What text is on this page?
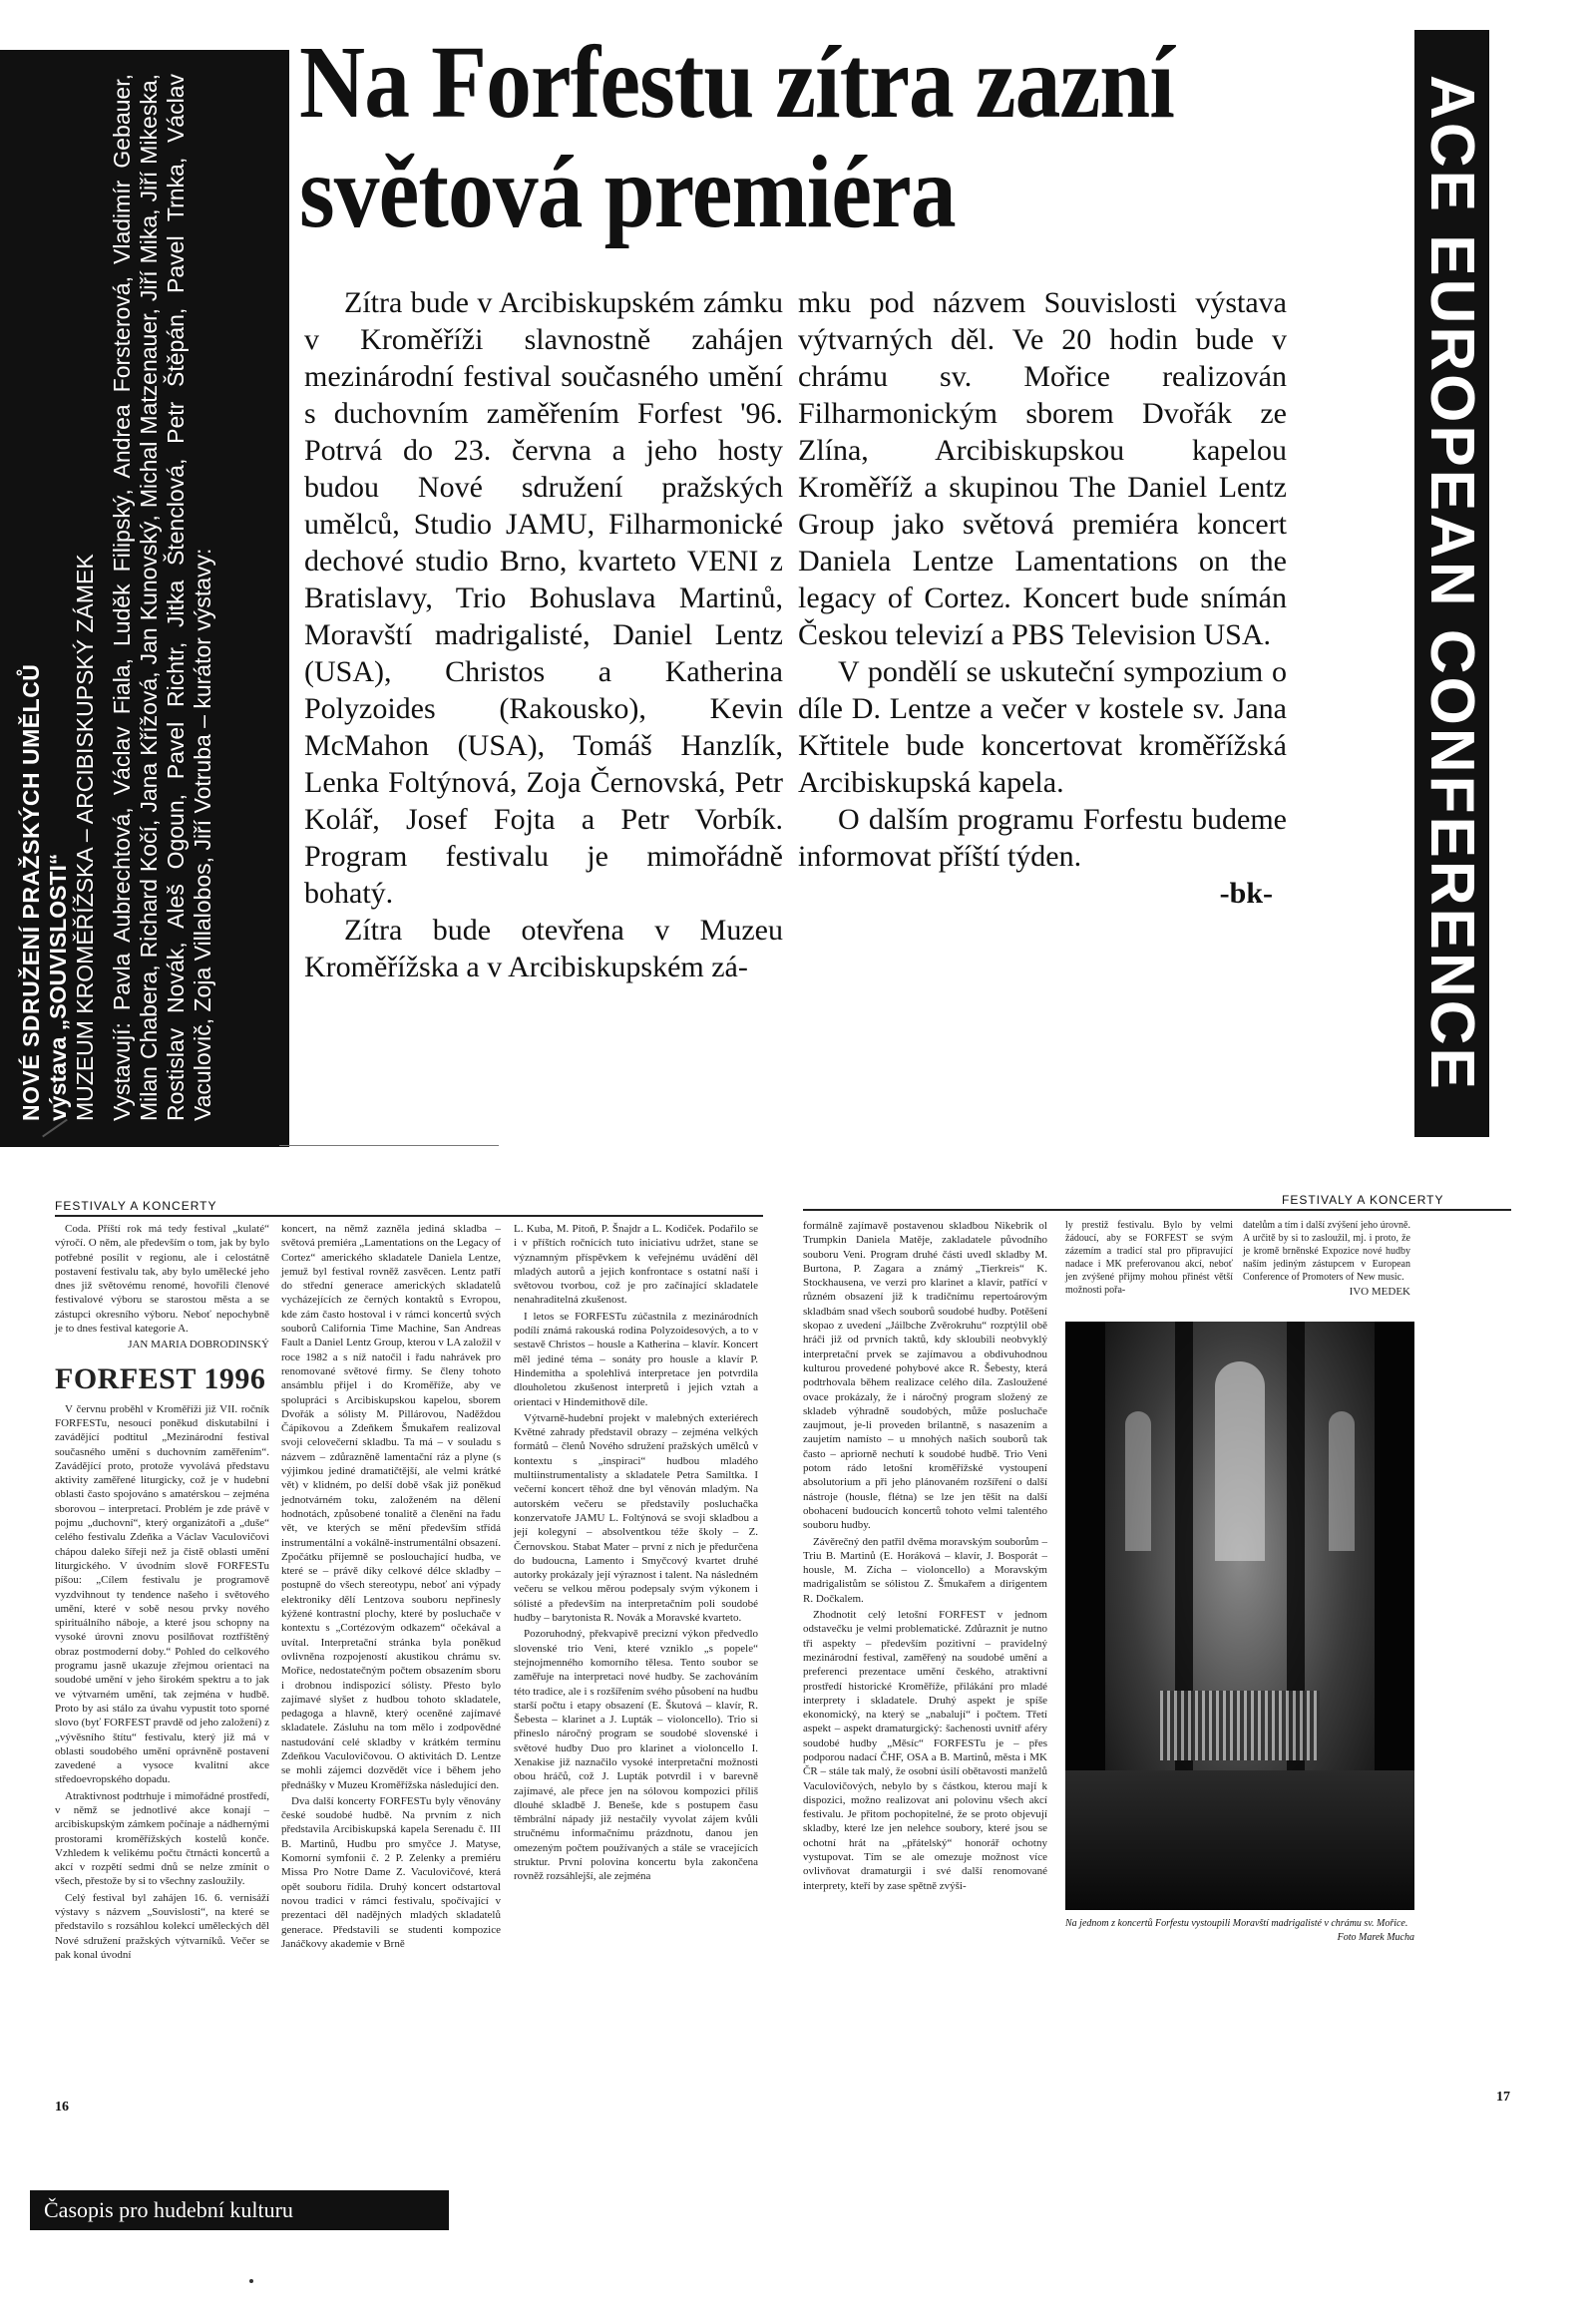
NOVÉ SDRUŽENÍ PRAŽSKÝCH UMĚLCŮ výstava „SOUVISLOSTI“ MUZEUM KROMĚŘÍŽSKA – ARCIBISKUPSKÝ ZÁMEK Vystavují: Pavla Aubrechtová, Václav Fiala, Luděk Filipský, Andrea Forsterová, Vladimír Gebauer, Milan Chabera, Richard Kočí, Jana Křížová, Jan Kunovský, Michal Matzenauer, Jiří Mika, Jiří Mikeska, Rostislav Novák, Aleš Ogoun, Pavel Richtr, Jitka Štenclová, Petr Štěpán, Pavel Trnka, Václav Vaculovič, Zoja Villalobos, Jiří Votruba – kurátor výstavy:
Na Forfestu zítra zazní
světová premiéra

Zítra bude v Arcibiskupském zámku v Kroměříži slavnostně zahájen mezinárodní festival současného umění s duchovním zaměřením Forfest '96. Potrvá do 23. června a jeho hosty budou Nové sdružení pražských umělců, Studio JAMU, Filharmonické dechové studio Brno, kvarteto VENI z Bratislavy, Trio Bohuslava Martinů, Moravští madrigalisté, Daniel Lentz (USA), Christos a Katherina Polyzoides (Rakousko), Kevin McMahon (USA), Tomáš Hanzlík, Lenka Foltýnová, Zoja Černovská, Petr Kolář, Josef Fojta a Petr Vorbík. Program festivalu je mimořádně bohatý.

Zítra bude otevřena v Muzeu Kroměřížska a v Arcibiskupském zá-

mku pod názvem Souvislosti výstava výtvarných děl. Ve 20 hodin bude v chrámu sv. Mořice realizován Filharmonickým sborem Dvořák ze Zlína, Arcibiskupskou kapelou Kroměříž a skupinou The Daniel Lentz Group jako světová premiéra koncert Daniela Lentze Lamentations on the legacy of Cortez. Koncert bude snímán Českou televizí a PBS Television USA.

V pondělí se uskuteční sympozium o díle D. Lentze a večer v kostele sv. Jana Křtitele bude koncertovat kroměřížská Arcibiskupská kapela.

O dalším programu Forfestu budeme informovat příští týden.

-bk- ACE EUROPEAN CONFERENCE
FESTIVALY A KONCERTY	FESTIVALY A KONCERTY

Coda. Příští rok má tedy festival „kulaté“ výročí. O něm, ale především o tom, jak by bylo potřebné posílit v regionu, ale i celostátně postavení festivalu tak, aby bylo umělecké jeho dnes již světovému renomé, hovořili členové festivalové výboru se starostou města a se zástupci okresního výboru. Neboť nepochybně je to dnes festival kategorie A.

JAN MARIA DOBRODINSKÝ
FORFEST 1996

V červnu proběhl v Kroměříži již VII. ročník FORFESTu, nesoucí poněkud diskutabilní i zavádějící podtitul „Mezinárodní festival současného umění s duchovním zaměřením“. Zavádějící proto, protože vyvolává představu aktivity zaměřené liturgicky, což je v hudební oblasti často spojováno s amatérskou – zejména sborovou – interpretací. Problém je zde právě v pojmu „duchovní“, který organizátoři a „duše“ celého festivalu Zdeňka a Václav Vaculovičovi chápou daleko šířeji než ja čistě oblasti umění liturgického. V úvodním slově FORFESTu píšou: „Cílem festivalu je programově vyzdvihnout ty tendence našeho i světového umění, které v sobě nesou prvky nového spirituálního náboje, a které jsou schopny na vysoké úrovni znovu posilňovat roztříštěný obraz postmoderní doby.“ Pohled do celkového programu jasně ukazuje zřejmou orientaci na soudobé umění v jeho širokém spektru a to jak ve výtvarném umění, tak zejména v hudbě. Proto by asi stálo za úvahu vypustit toto sporné slovo (byť FORFEST pravdě od jeho založení) z „vývěsního štítu“ festivalu, který již má v oblasti soudobého umění oprávněně postavení zavedené a vysoce kvalitní akce středoevropského dopadu.

Atraktivnost podtrhuje i mimořádné prostředí, v němž se jednotlivé akce konají – arcibiskupským zámkem počínaje a nádhernými prostorami kroměřížských kostelů konče. Vzhledem k velikému počtu čtrnácti koncertů a akcí v rozpětí sedmi dnů se nelze zmínit o všech, přestože by si to všechny zasloužily.

Celý festival byl zahájen 16. 6. vernisáží výstavy s názvem „Souvislosti“, na které se představilo s rozsáhlou kolekcí uměleckých děl Nové sdružení pražských výtvarníků. Večer se pak konal úvodní

koncert, na němž zazněla jediná skladba – světová premiéra „Lamentations on the Legacy of Cortez“ amerického skladatele Daniela Lentze, jemuž byl festival rovněž zasvěcen. Lentz patří do střední generace amerických skladatelů vycházejících ze černých kontaktů s Evropou, kde zám často hostoval i v rámci koncertů svých souborů California Time Machine, San Andreas Fault a Daniel Lentz Group, kterou v LA založil v roce 1982 a s níž natočil i řadu nahrávek pro renomované světové firmy. Se členy tohoto ansámblu přijel i do Kroměříže, aby ve spolupráci s Arcibiskupskou kapelou, sborem Dvořák a sólisty M. Pillárovou, Naděždou Čápíkovou a Zdeňkem Šmukařem realizoval svoji celovečerní skladbu. Ta má – v souladu s názvem – zdůrazněně lamentační ráz a plyne (s výjimkou jediné dramatičtější, ale velmi krátké vět) v klidném, po delší době však již poněkud jednotvárném toku, založeném na dělení hodnotách, způsobené tonalitě a členění na řadu vět, ve kterých se mění především střídá instrumentální a vokálně-instrumentální obsazení. Zpočátku příjemně se poslouchající hudba, ve které se – právě díky celkové délce skladby – postupně do všech stereotypu, neboť ani výpady elektroniky dělí Lentzova souboru nepřinesly kýžené kontrastní plochy, které by posluchače v kontextu s „Cortézovým odkazem“ očekával a uvítal. Interpretační stránka byla poněkud ovlivněna rozpojeností akustikou chrámu sv. Mořice, nedostatečným počtem obsazením sboru i drobnou indispozicí sólisty. Přesto bylo zajímavé slyšet z hudbou tohoto skladatele, pedagoga a hlavně, který oceněné zajímavé skladatele. Zásluhu na tom mělo i zodpovědné nastudování celé skladby v krátkém termínu Zdeňkou Vaculovičovou. O aktivitách D. Lentze se mohli zájemci dozvědět více i během jeho přednášky v Muzeu Kroměřížska následující den.

Dva další koncerty FORFESTu byly věnovány české soudobé hudbě. Na prvním z nich představila Arcibiskupská kapela Serenadu č. III B. Martinů, Hudbu pro smyčce J. Matyse, Komorní symfonii č. 2 P. Zelenky a premiéru Missa Pro Notre Dame Z. Vaculovičové, která opět souboru řídila. Druhý koncert odstartoval novou tradici v rámci festivalu, spočívající v prezentaci děl nadějných mladých skladatelů generace. Představili se studenti kompozice Janáčkovy akademie v Brně

L. Kuba, M. Pitoň, P. Šnajdr a L. Kodiček. Podařilo se i v příštích ročnících tuto iniciativu udržet, stane se významným příspěvkem k veřejnému uvádění děl mladých autorů a jejich konfrontace s ostatní naší i světovou tvorbou, což je pro začínající skladatele nenahraditelná zkušenost.

I letos se FORFESTu zúčastnila z mezinárodních podílí známá rakouská rodina Polyzoidesových, a to v sestavě Christos – housle a Katherina – klavír. Koncert měl jediné téma – sonáty pro housle a klavír P. Hindemitha a spolehlivá interpretace jen potvrdila dlouholetou zkušenost interpretů i jejich vztah a orientaci v Hindemithově díle.

Výtvarně-hudební projekt v malebných exteriérech Květné zahrady představil obrazy – zejména velkých formátů – členů Nového sdružení pražských umělců v kontextu s „inspiraci“ hudbou mladého multiinstrumentalisty a skladatele Petra Samiltka. I večerní koncert těhož dne byl věnován mladým. Na autorském večeru se představily posluchačka konzervatoře JAMU L. Foltýnová se svoji skladbou a její kolegyní – absolventkou téže školy – Z. Černovskou. Stabat Mater – první z nich je předurčena do budoucna, Lamento i Smyčcový kvartet druhé autorky prokázaly její výraznost i talent. Na následném večeru se velkou měrou podepsaly svým výkonem i sólisté a především na interpretačním poli soudobé hudby – barytonista R. Novák a Moravské kvarteto.

Pozoruhodný, překvapivě precizní výkon předvedlo slovenské trio Veni, které vzniklo „s popele“ stejnojmenného komorního tělesa. Tento soubor se zaměřuje na interpretaci nové hudby. Se zachováním této tradice, ale i s rozšířením svého působení na hudbu starší počtu i etapy obsazení (E. Škutová – klavír, R. Šebesta – klarinet a J. Lupták – violoncello). Trio si přineslo náročný program se soudobé slovenské i světové hudby Duo pro klarinet a violoncello I. Xenakise již naznačilo vysoké interpretační možnosti obou hráčů, což J. Lupták potvrdil i v barevně zajímavé, ale přece jen na sólovou kompozici příliš dlouhé skladbě J. Beneše, kde s postupem času těmbrální nápady již nestačily vyvolat zájem kvůli stručnému informačnímu prázdnotu, danou jen omezeným počtem používaných a stále se vracejících struktur. První polovina koncertu byla zakončena rovněž rozsáhlejší, ale zejména

formálně zajímavě postavenou skladbou Nikebrik ol Trumpkin Daniela Matěje, zakladatele původního souboru Veni. Program druhé části uvedl skladby M. Burtona, P. Zagara a známý „Tierkreis“ K. Stockhausena, ve verzi pro klarinet a klavír, patřící v různém obsazení již k tradičnímu repertoárovým skladbám snad všech souborů soudobé hudby. Potěšení skopao z uvedení „Jáilbche Zvěrokruhu“ rozptýlil obě hráči již od prvních taktů, kdy skloubili neobvyklý interpretační prvek se zajímavou a obdivuhodnou kulturou provedené pohybové akce R. Šebesty, která podtrhovala během realizace celého díla. Zasloužené ovace prokázaly, že i náročný program složený ze skladeb výhradně soudobých, může posluchače zaujmout, je-li proveden brilantně, s nasazením a zaujetím namísto – u mnohých našich souborů tak často – apriorně nechutí k soudobé hudbě. Trio Veni potom rádo letošní kroměřížské vystoupení absolutorium a při jeho plánovaném rozšíření o další nástroje (housle, flétna) se lze jen těšit na další obohacení budoucích koncertů tohoto velmi talentého souboru hudby.

Závěrečný den patřil dvěma moravským souborům – Triu B. Martinů (E. Horáková – klavír, J. Bosporát – housle, M. Zícha – violoncello) a Moravským madrigalistům se sólistou Z. Šmukařem a dirigentem R. Dočkalem.

Zhodnotit celý letošní FORFEST v jednom odstavečku je velmi problematické. Zdůraznit je nutno tři aspekty – především pozitivní – pravidelný mezinárodní festival, zaměřený na soudobé umění a preferenci prezentace umění českého, atraktivní prostředí historické Kroměříže, přilákání pro mladé interprety i skladatele. Druhý aspekt je spíše ekonomický, na který se „nabalují“ i počtem. Třetí aspekt – aspekt dramaturgický: šachenosti uvnitř aféry soudobé hudby „Měsíc“ FORFESTu je – přes podporou nadací ČHF, OSA a B. Martinů, města i MK ČR – stále tak malý, že osobní úsilí obětavosti manželů Vaculovičových, nebylo by s částkou, kterou mají k dispozici, možno realizovat ani polovinu všech akcí festivalu. Je přitom pochopitelné, že se proto objevují skladby, které lze jen nelehce soubory, které jsou se ochotní hrát na „přátelský“ honorář ochotny vystupovat. Tím se ale omezuje možnost více ovlivňovat dramaturgii i své další renomované interprety, kteří by zase spětně zvýši-

ly prestiž festivalu. Bylo by velmi žádoucí, aby se FORFEST se svým zázemím a tradicí stal pro připravující nadace i MK preferovanou akcí, neboť jen zvýšené přijmy mohou přinést větší možnosti pořa-

datelům a tím i další zvýšení jeho úrovně. A určitě by si to zasloužil, mj. i proto, že je kromě brněnské Expozice nové hudby naším jediným zástupcem v European Conference of Promoters of New music.

IVO MEDEK
Na jednom z koncertů Forfestu vystoupili Moravští madrigalisté v chrámu sv. Mořice.
Foto Marek Mucha
16
17
Časopis pro hudební kulturu
